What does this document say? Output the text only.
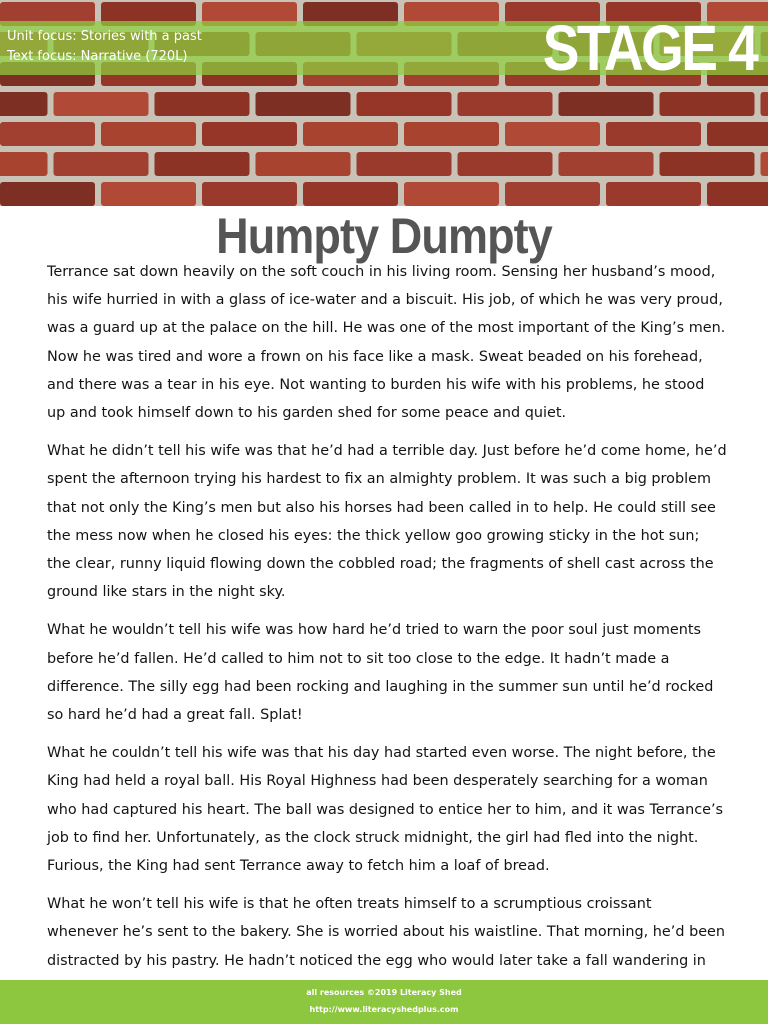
Unit focus: Stories with a past
Text focus: Narrative (720L)	STAGE 4
Humpty Dumpty

Terrance sat down heavily on the soft couch in his living room. Sensing her husband’s mood, his wife hurried in with a glass of ice-water and a biscuit. His job, of which he was very proud, was a guard up at the palace on the hill. He was one of the most important of the King’s men. Now he was tired and wore a frown on his face like a mask. Sweat beaded on his forehead, and there was a tear in his eye. Not wanting to burden his wife with his problems, he stood up and took himself down to his garden shed for some peace and quiet.

What he didn’t tell his wife was that he’d had a terrible day. Just before he’d come home, he’d spent the afternoon trying his hardest to fix an almighty problem. It was such a big problem that not only the King’s men but also his horses had been called in to help. He could still see the mess now when he closed his eyes: the thick yellow goo growing sticky in the hot sun; the clear, runny liquid flowing down the cobbled road; the fragments of shell cast across the ground like stars in the night sky.

What he wouldn’t tell his wife was how hard he’d tried to warn the poor soul just moments before he’d fallen. He’d called to him not to sit too close to the edge. It hadn’t made a difference. The silly egg had been rocking and laughing in the summer sun until he’d rocked so hard he’d had a great fall. Splat!

What he couldn’t tell his wife was that his day had started even worse. The night before, the King had held a royal ball. His Royal Highness had been desperately searching for a woman who had captured his heart. The ball was designed to entice her to him, and it was Terrance’s job to find her. Unfortunately, as the clock struck midnight, the girl had fled into the night. Furious, the King had sent Terrance away to fetch him a loaf of bread.

What he won’t tell his wife is that he often treats himself to a scrumptious croissant whenever he’s sent to the bakery. She is worried about his waistline. That morning, he’d been distracted by his pastry. He hadn’t noticed the egg who would later take a fall wandering in

all resources ©2019 Literacy Shed
http://www.literacyshedplus.com
